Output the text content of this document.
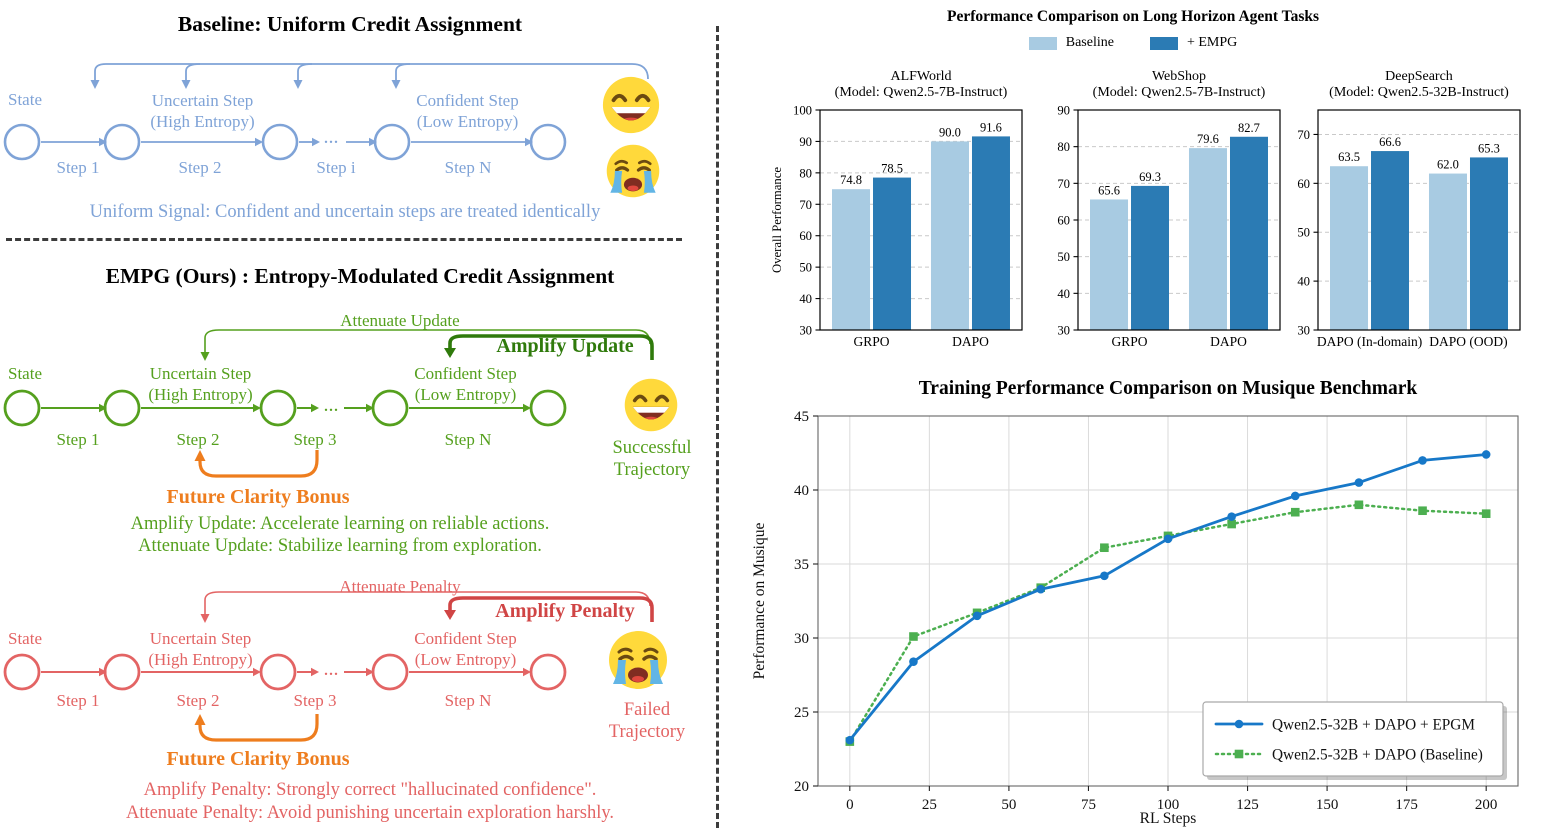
Baseline: Uniform Credit Assignment
State	Uncertain Step
(High Entropy)
Confident Step
(Low Entropy)
Step 1	Step 2	Step i	Step N
...
Uniform Signal: Confident and uncertain steps are treated identically
EMPG (Ours) : Entropy-Modulated Credit Assignment
Attenuate Update
Amplify Update
State	Uncertain Step
(High Entropy)
Confident Step
(Low Entropy)
Step 1	Step 2	Step 3	Step N
...
Future Clarity Bonus
Amplify Update: Accelerate learning on reliable actions.
Attenuate Update: Stabilize learning from exploration.
Successful
Trajectory
Attenuate Penalty
Amplify Penalty
State	Uncertain Step
(High Entropy)
Confident Step
(Low Entropy)
Step 1	Step 2	Step 3	Step N
...
Future Clarity Bonus
Amplify Penalty: Strongly correct "hallucinated confidence".
Attenuate Penalty: Avoid punishing uncertain exploration harshly.
Failed
Trajectory
Performance Comparison on Long Horizon Agent Tasks
Baseline	+ EMPG
ALFWorld
(Model: Qwen2.5-7B-Instruct)
30
40
50
60
70
80
90
100
74.8
78.5
GRPO
90.0 91.6
DAPO
Overall Performance
WebShop
(Model: Qwen2.5-7B-Instruct)
30
40
50
60
70
80
90
65.6
69.3
GRPO
79.6
82.7
DAPO
DeepSearch
(Model: Qwen2.5-32B-Instruct)
30
40
50
60
70
63.5
66.6
DAPO (In-domain)
62.0
65.3
DAPO (OOD)
Training Performance Comparison on Musique Benchmark
0	25	50	75	100	125	150	175	200
20
25
30
35
40
45
RL Steps
Performance on Musique
Qwen2.5-32B + DAPO + EPGM
Qwen2.5-32B + DAPO (Baseline)
